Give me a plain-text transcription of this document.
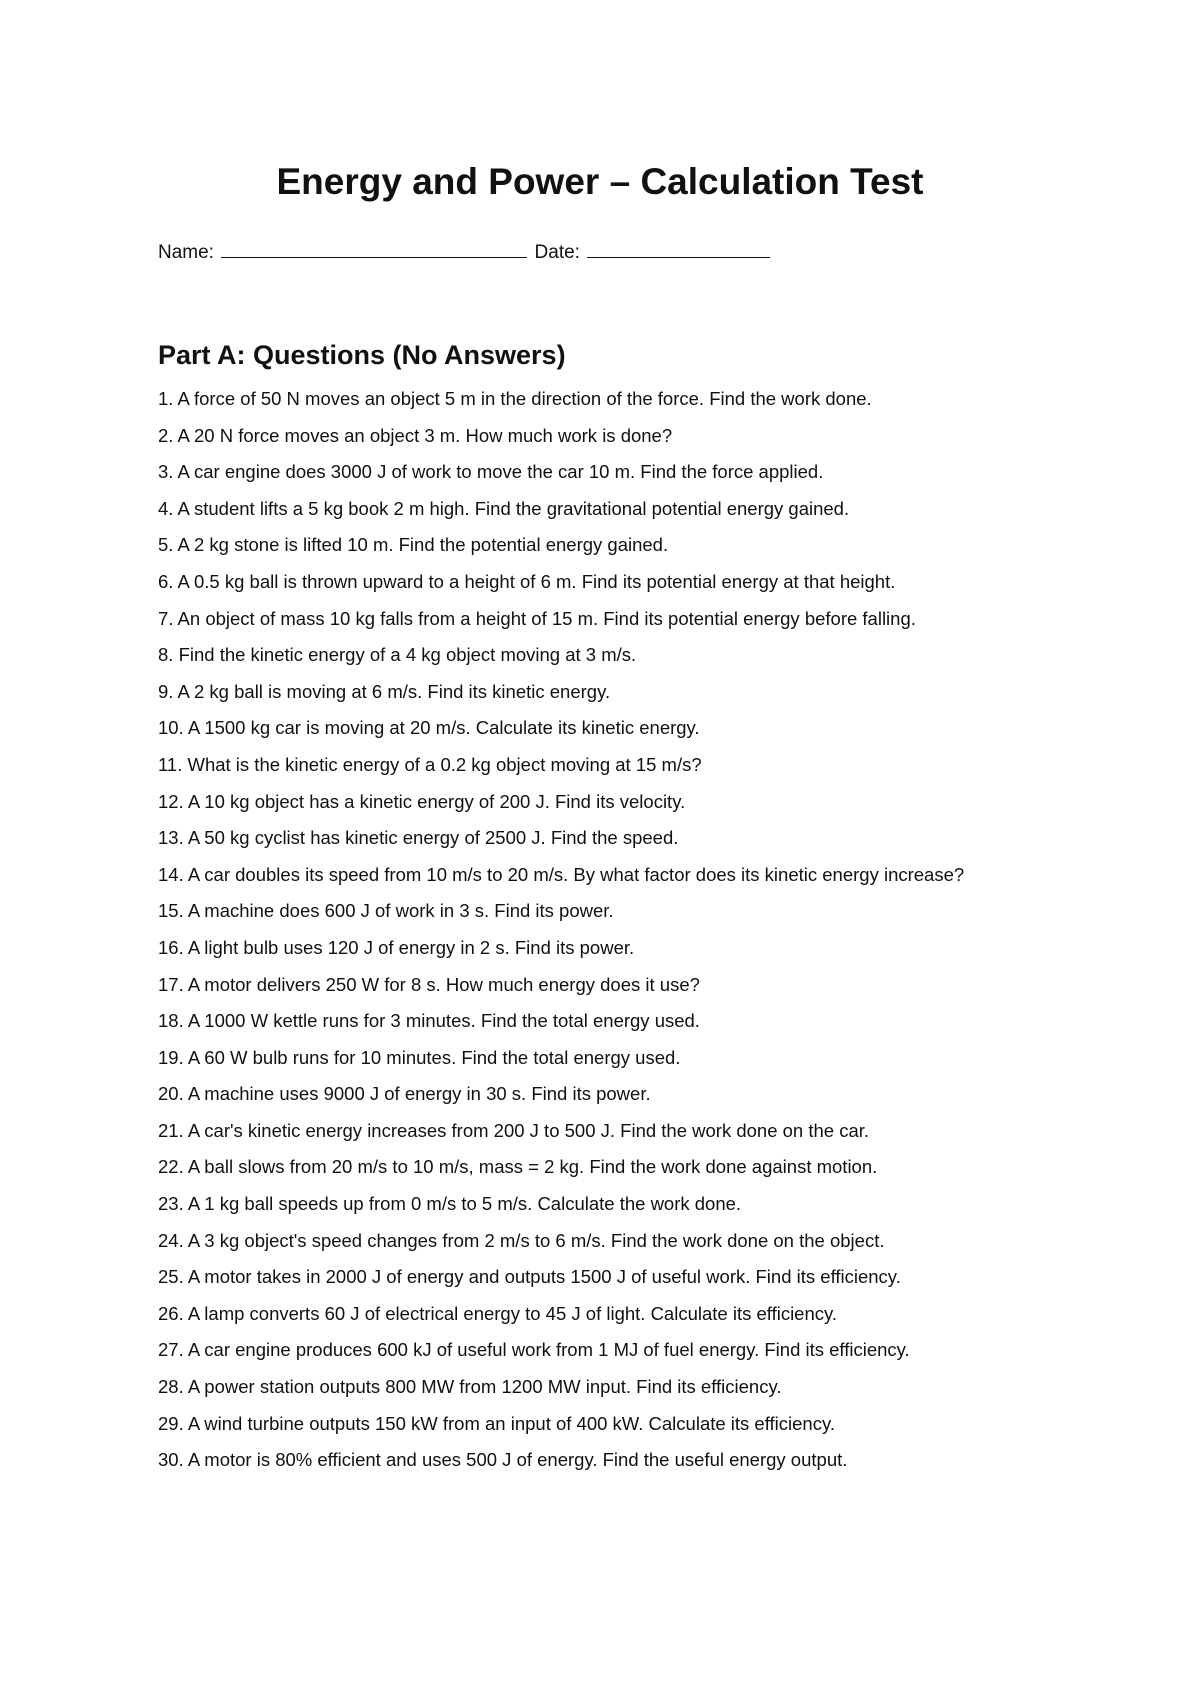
Energy and Power – Calculation Test
Name:	Date:
Part A: Questions (No Answers)
1. A force of 50 N moves an object 5 m in the direction of the force. Find the work done.
2. A 20 N force moves an object 3 m. How much work is done?
3. A car engine does 3000 J of work to move the car 10 m. Find the force applied.
4. A student lifts a 5 kg book 2 m high. Find the gravitational potential energy gained.
5. A 2 kg stone is lifted 10 m. Find the potential energy gained.
6. A 0.5 kg ball is thrown upward to a height of 6 m. Find its potential energy at that height.
7. An object of mass 10 kg falls from a height of 15 m. Find its potential energy before falling.
8. Find the kinetic energy of a 4 kg object moving at 3 m/s.
9. A 2 kg ball is moving at 6 m/s. Find its kinetic energy.
10. A 1500 kg car is moving at 20 m/s. Calculate its kinetic energy.
11. What is the kinetic energy of a 0.2 kg object moving at 15 m/s?
12. A 10 kg object has a kinetic energy of 200 J. Find its velocity.
13. A 50 kg cyclist has kinetic energy of 2500 J. Find the speed.
14. A car doubles its speed from 10 m/s to 20 m/s. By what factor does its kinetic energy increase?
15. A machine does 600 J of work in 3 s. Find its power.
16. A light bulb uses 120 J of energy in 2 s. Find its power.
17. A motor delivers 250 W for 8 s. How much energy does it use?
18. A 1000 W kettle runs for 3 minutes. Find the total energy used.
19. A 60 W bulb runs for 10 minutes. Find the total energy used.
20. A machine uses 9000 J of energy in 30 s. Find its power.
21. A car's kinetic energy increases from 200 J to 500 J. Find the work done on the car.
22. A ball slows from 20 m/s to 10 m/s, mass = 2 kg. Find the work done against motion.
23. A 1 kg ball speeds up from 0 m/s to 5 m/s. Calculate the work done.
24. A 3 kg object's speed changes from 2 m/s to 6 m/s. Find the work done on the object.
25. A motor takes in 2000 J of energy and outputs 1500 J of useful work. Find its efficiency.
26. A lamp converts 60 J of electrical energy to 45 J of light. Calculate its efficiency.
27. A car engine produces 600 kJ of useful work from 1 MJ of fuel energy. Find its efficiency.
28. A power station outputs 800 MW from 1200 MW input. Find its efficiency.
29. A wind turbine outputs 150 kW from an input of 400 kW. Calculate its efficiency.
30. A motor is 80% efficient and uses 500 J of energy. Find the useful energy output.
